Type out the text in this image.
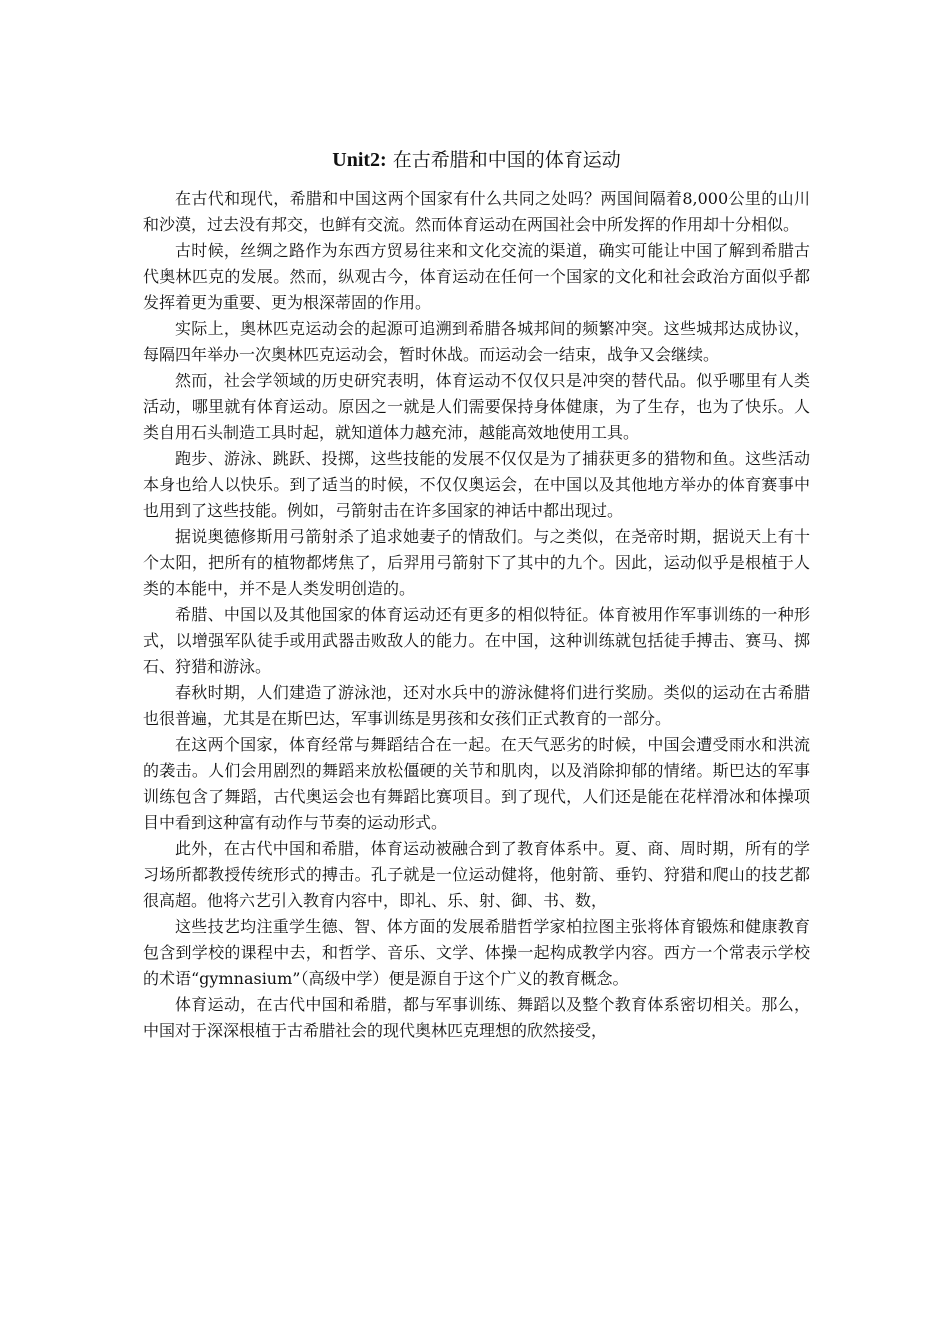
Unit2: 在古希腊和中国的体育运动

在古代和现代，希腊和中国这两个国家有什么共同之处吗？两国间隔着8,000公里的山川和沙漠，过去没有邦交，也鲜有交流。然而体育运动在两国社会中所发挥的作用却十分相似。

古时候，丝绸之路作为东西方贸易往来和文化交流的渠道，确实可能让中国了解到希腊古代奥林匹克的发展。然而，纵观古今，体育运动在任何一个国家的文化和社会政治方面似乎都发挥着更为重要、更为根深蒂固的作用。

实际上，奥林匹克运动会的起源可追溯到希腊各城邦间的频繁冲突。这些城邦达成协议，每隔四年举办一次奥林匹克运动会，暂时休战。而运动会一结束，战争又会继续。

然而，社会学领域的历史研究表明，体育运动不仅仅只是冲突的替代品。似乎哪里有人类活动，哪里就有体育运动。原因之一就是人们需要保持身体健康，为了生存，也为了快乐。人类自用石头制造工具时起，就知道体力越充沛，越能高效地使用工具。

跑步、游泳、跳跃、投掷，这些技能的发展不仅仅是为了捕获更多的猎物和鱼。这些活动本身也给人以快乐。到了适当的时候，不仅仅奥运会，在中国以及其他地方举办的体育赛事中也用到了这些技能。例如，弓箭射击在许多国家的神话中都出现过。

据说奥德修斯用弓箭射杀了追求她妻子的情敌们。与之类似，在尧帝时期，据说天上有十个太阳，把所有的植物都烤焦了，后羿用弓箭射下了其中的九个。因此，运动似乎是根植于人类的本能中，并不是人类发明创造的。

希腊、中国以及其他国家的体育运动还有更多的相似特征。体育被用作军事训练的一种形式，以增强军队徒手或用武器击败敌人的能力。在中国，这种训练就包括徒手搏击、赛马、掷石、狩猎和游泳。

春秋时期，人们建造了游泳池，还对水兵中的游泳健将们进行奖励。类似的运动在古希腊也很普遍，尤其是在斯巴达，军事训练是男孩和女孩们正式教育的一部分。

在这两个国家，体育经常与舞蹈结合在一起。在天气恶劣的时候，中国会遭受雨水和洪流的袭击。人们会用剧烈的舞蹈来放松僵硬的关节和肌肉，以及消除抑郁的情绪。斯巴达的军事训练包含了舞蹈，古代奥运会也有舞蹈比赛项目。到了现代，人们还是能在花样滑冰和体操项目中看到这种富有动作与节奏的运动形式。

此外，在古代中国和希腊，体育运动被融合到了教育体系中。夏、商、周时期，所有的学习场所都教授传统形式的搏击。孔子就是一位运动健将，他射箭、垂钓、狩猎和爬山的技艺都很高超。他将六艺引入教育内容中，即礼、乐、射、御、书、数，

这些技艺均注重学生德、智、体方面的发展希腊哲学家柏拉图主张将体育锻炼和健康教育包含到学校的课程中去，和哲学、音乐、文学、体操一起构成教学内容。西方一个常表示学校的术语“gymnasium”（高级中学）便是源自于这个广义的教育概念。

体育运动，在古代中国和希腊，都与军事训练、舞蹈以及整个教育体系密切相关。那么，中国对于深深根植于古希腊社会的现代奥林匹克理想的欣然接受，
